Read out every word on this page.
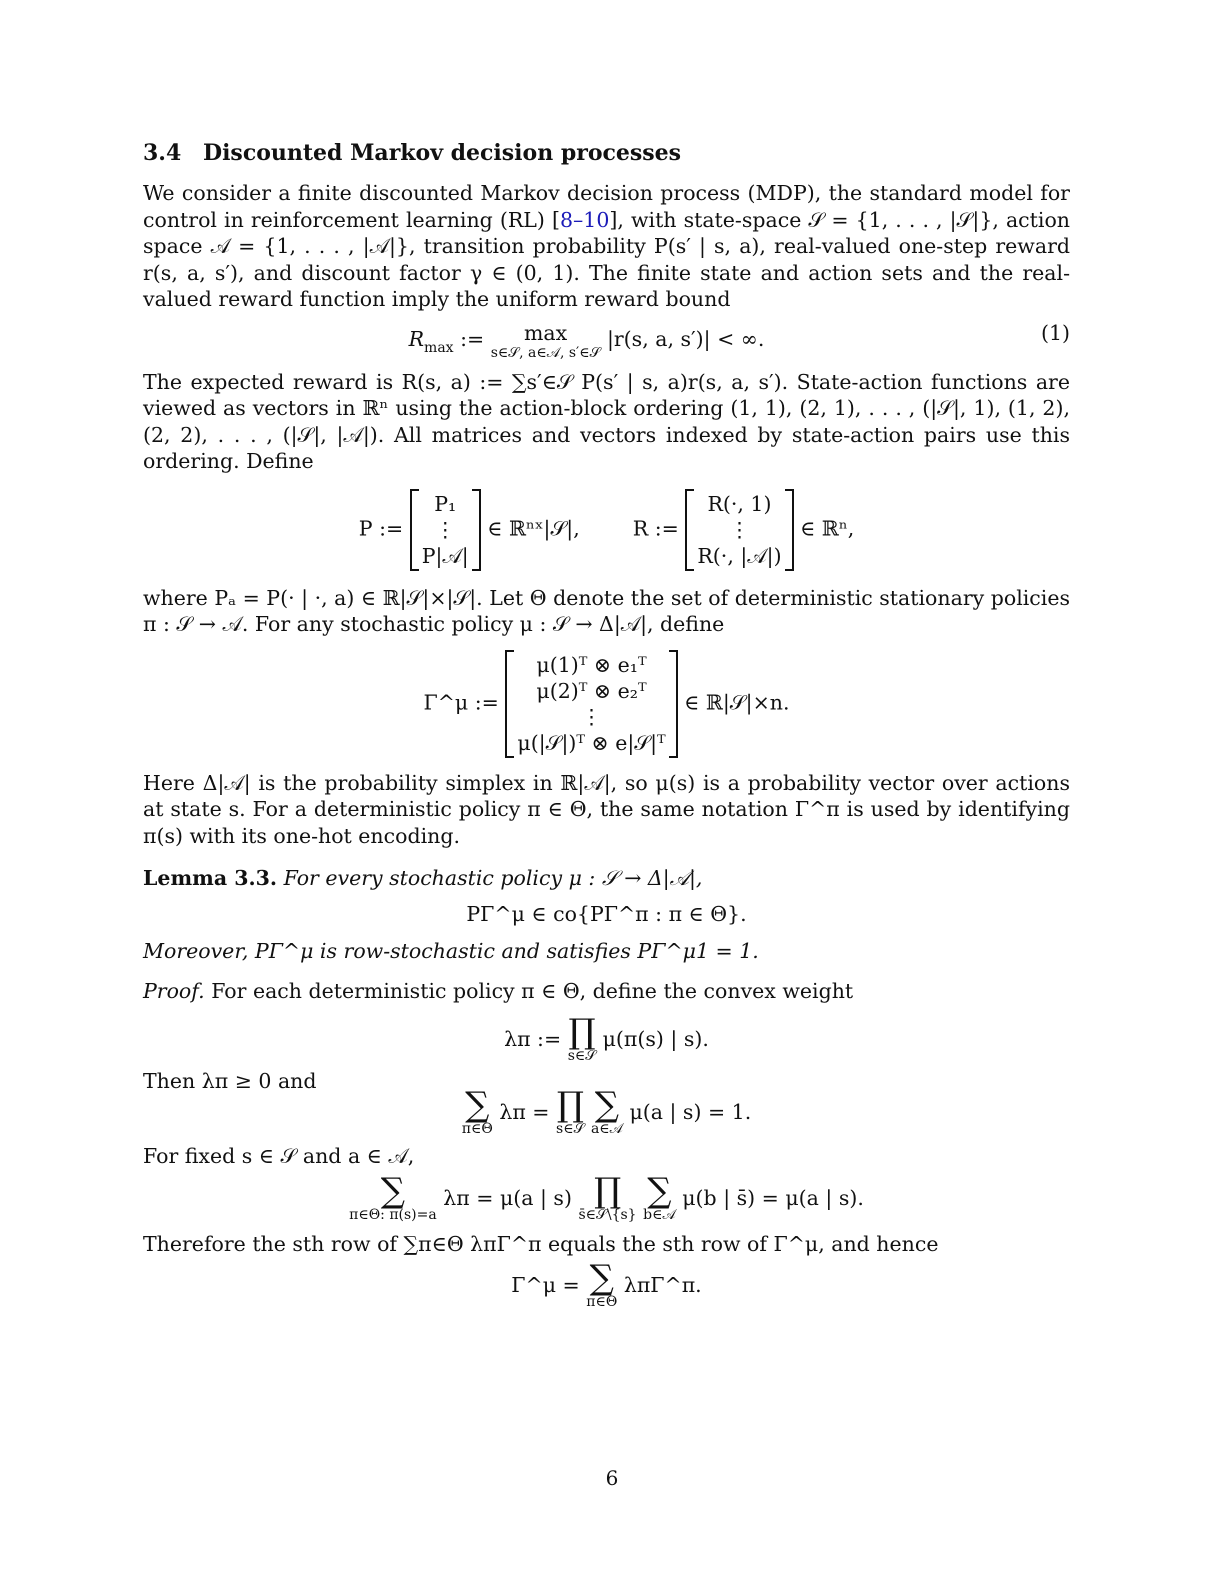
3.4 Discounted Markov decision processes

We consider a finite discounted Markov decision process (MDP), the standard model for control in reinforcement learning (RL) [8–10], with state-space 𝒮 = {1, . . . , |𝒮|}, action space 𝒜 = {1, . . . , |𝒜|}, transition probability P(s′ | s, a), real-valued one-step reward r(s, a, s′), and discount factor γ ∈ (0, 1). The finite state and action sets and the real-valued reward function imply the uniform reward bound

$R_{max}$ := max
s∈𝒮, a∈𝒜, s′∈𝒮
|r(s, a, s′)| < ∞.	(1)

The expected reward is R(s, a) := ∑s′∈𝒮 P(s′ | s, a)r(s, a, s′). State-action functions are viewed as vectors in ℝⁿ using the action-block ordering (1, 1), (2, 1), . . . , (|𝒮|, 1), (1, 2), (2, 2), . . . , (|𝒮|, |𝒜|). All matrices and vectors indexed by state-action pairs use this ordering. Define

P :=
P₁
⋮
P|𝒜|
∈ ℝⁿˣ|𝒮|,	R :=
R(·, 1)
⋮
R(·, |𝒜|)
∈ ℝⁿ,

where Pₐ = P(· | ·, a) ∈ ℝ|𝒮|×|𝒮|. Let Θ denote the set of deterministic stationary policies π : 𝒮 → 𝒜. For any stochastic policy μ : 𝒮 → Δ|𝒜|, define

Γ^μ :=
μ(1)ᵀ ⊗ e₁ᵀ
μ(2)ᵀ ⊗ e₂ᵀ
⋮
μ(|𝒮|)ᵀ ⊗ e|𝒮|ᵀ
∈ ℝ|𝒮|×n.

Here Δ|𝒜| is the probability simplex in ℝ|𝒜|, so μ(s) is a probability vector over actions at state s. For a deterministic policy π ∈ Θ, the same notation Γ^π is used by identifying π(s) with its one-hot encoding.

Lemma 3.3. For every stochastic policy μ : 𝒮 → Δ|𝒜|,

PΓ^μ ∈ co{PΓ^π : π ∈ Θ}.

Moreover, PΓ^μ is row-stochastic and satisfies PΓ^μ1 = 1.

Proof. For each deterministic policy π ∈ Θ, define the convex weight

λπ := ∏
s∈𝒮
μ(π(s) | s).

Then λπ ≥ 0 and

∑
π∈Θ
λπ = ∏
s∈𝒮
∑
a∈𝒜
μ(a | s) = 1.

For fixed s ∈ 𝒮 and a ∈ 𝒜,

∑
π∈Θ: π(s)=a
λπ = μ(a | s) ∏
s̄∈𝒮\{s}
∑
b∈𝒜
μ(b | s̄) = μ(a | s).

Therefore the sth row of ∑π∈Θ λπΓ^π equals the sth row of Γ^μ, and hence

Γ^μ = ∑
π∈Θ
λπΓ^π.
6
